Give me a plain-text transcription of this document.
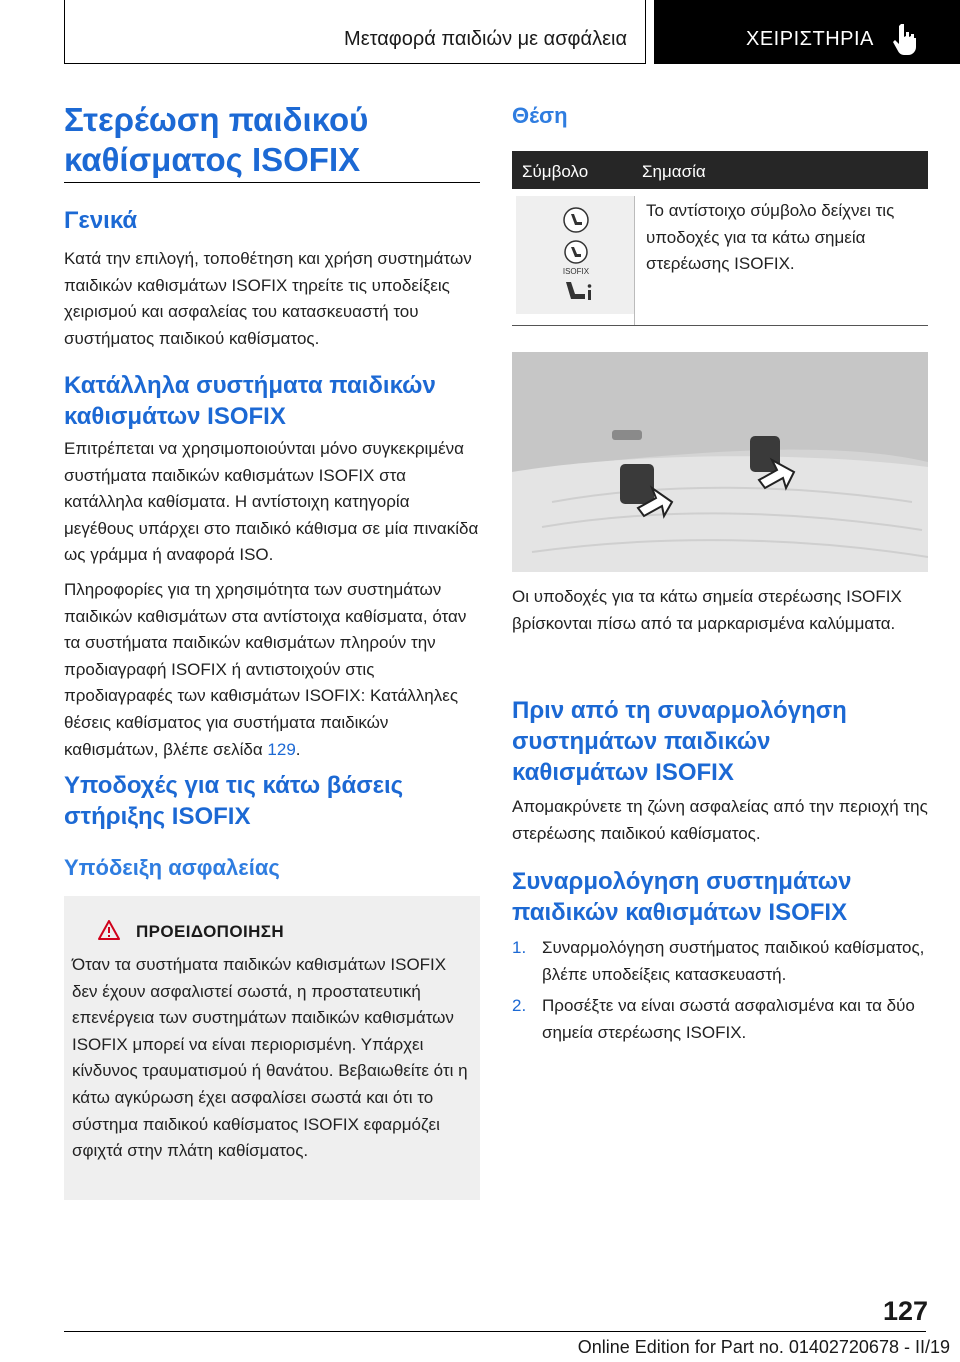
Μεταφορά παιδιών με ασφάλεια	ΧΕΙΡΙΣΤΗΡΙΑ
Στερέωση παιδικού
καθίσματος ISOFIX
Γενικά

Κατά την επιλογή, τοποθέτηση και χρήση συστημάτων παιδικών καθισμάτων ISOFIX τηρείτε τις υποδείξεις χειρισμού και ασφαλείας του κατασκευαστή του συστήματος παιδικού καθίσματος.

Κατάλληλα συστήματα παιδικών
καθισμάτων ISOFIX

Επιτρέπεται να χρησιμοποιούνται μόνο συγκεκριμένα συστήματα παιδικών καθισμάτων ISOFIX στα κατάλληλα καθίσματα. Η αντίστοιχη κατηγορία μεγέθους υπάρχει στο παιδικό κάθισμα σε μία πινακίδα ως γράμμα ή αναφορά ISO.

Πληροφορίες για τη χρησιμότητα των συστημάτων παιδικών καθισμάτων στα αντίστοιχα καθίσματα, όταν τα συστήματα παιδικών καθισμάτων πληρούν την προδιαγραφή ISOFIX ή αντιστοιχούν στις προδιαγραφές των καθισμάτων ISOFIX: Κατάλληλες θέσεις καθίσματος για συστήματα παιδικών καθισμάτων, βλέπε σελίδα 129.

Υποδοχές για τις κάτω βάσεις
στήριξης ISOFIX
Υπόδειξη ασφαλείας
ΠΡΟΕΙΔΟΠΟΙΗΣΗ

Όταν τα συστήματα παιδικών καθισμάτων ISOFIX δεν έχουν ασφαλιστεί σωστά, η προστατευτική επενέργεια των συστημάτων παιδικών καθισμάτων ISOFIX μπορεί να είναι περιορισμένη. Υπάρχει κίνδυνος τραυματισμού ή θανάτου. Βεβαιωθείτε ότι η κάτω αγκύρωση έχει ασφαλίσει σωστά και ότι το σύστημα παιδικού καθίσματος ISOFIX εφαρμόζει σφιχτά στην πλάτη καθίσματος.

Θέση
Σύμβολο	Σημασία
ISOFIX

Το αντίστοιχο σύμβολο δείχνει τις υποδοχές για τα κάτω σημεία στερέωσης ISOFIX.

Οι υποδοχές για τα κάτω σημεία στερέωσης ISOFIX βρίσκονται πίσω από τα μαρκαρισμένα καλύμματα.

Πριν από τη συναρμολόγηση
συστημάτων παιδικών
καθισμάτων ISOFIX

Απομακρύνετε τη ζώνη ασφαλείας από την περιοχή της στερέωσης παιδικού καθίσματος.

Συναρμολόγηση συστημάτων
παιδικών καθισμάτων ISOFIX
1. Συναρμολόγηση συστήματος παιδικού καθίσματος, βλέπε υποδείξεις κατασκευαστή.

2. Προσέξτε να είναι σωστά ασφαλισμένα και τα δύο σημεία στερέωσης ISOFIX.

127
Online Edition for Part no. 01402720678 - II/19
